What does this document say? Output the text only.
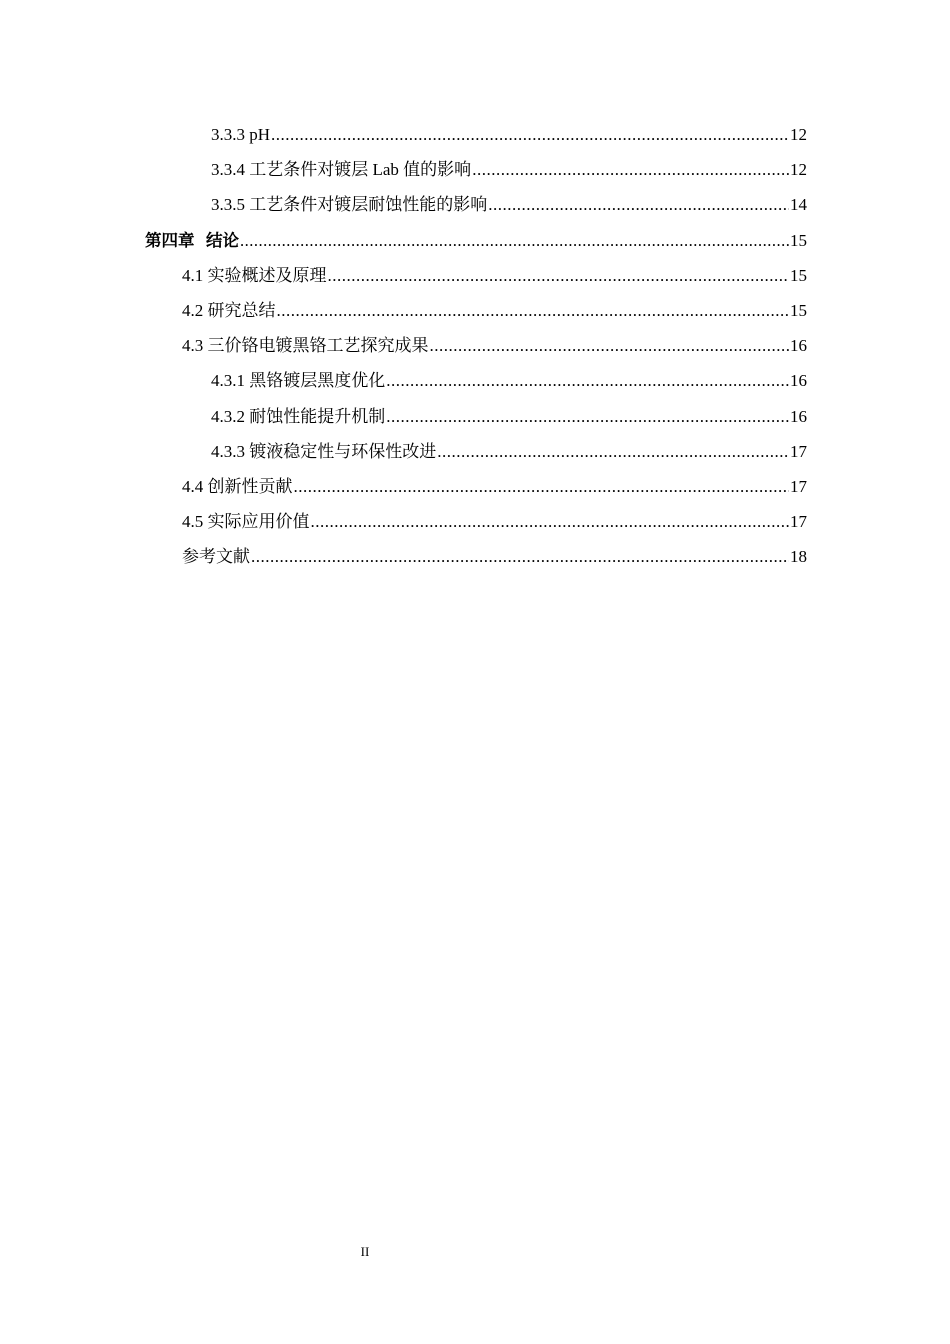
3.3.3 pH .....	12
3.3.4 工艺条件对镀层 Lab 值的影响 .....	12
3.3.5 工艺条件对镀层耐蚀性能的影响 .....	14
第四章  结论 .....	15
4.1 实验概述及原理 .....	15
4.2 研究总结 .....	15
4.3 三价铬电镀黑铬工艺探究成果 .....	16
4.3.1 黑铬镀层黑度优化 .....	16
4.3.2 耐蚀性能提升机制 .....	16
4.3.3 镀液稳定性与环保性改进 .....	17
4.4 创新性贡献 .....	17
4.5 实际应用价值 .....	17
参考文献 .....	18
II
